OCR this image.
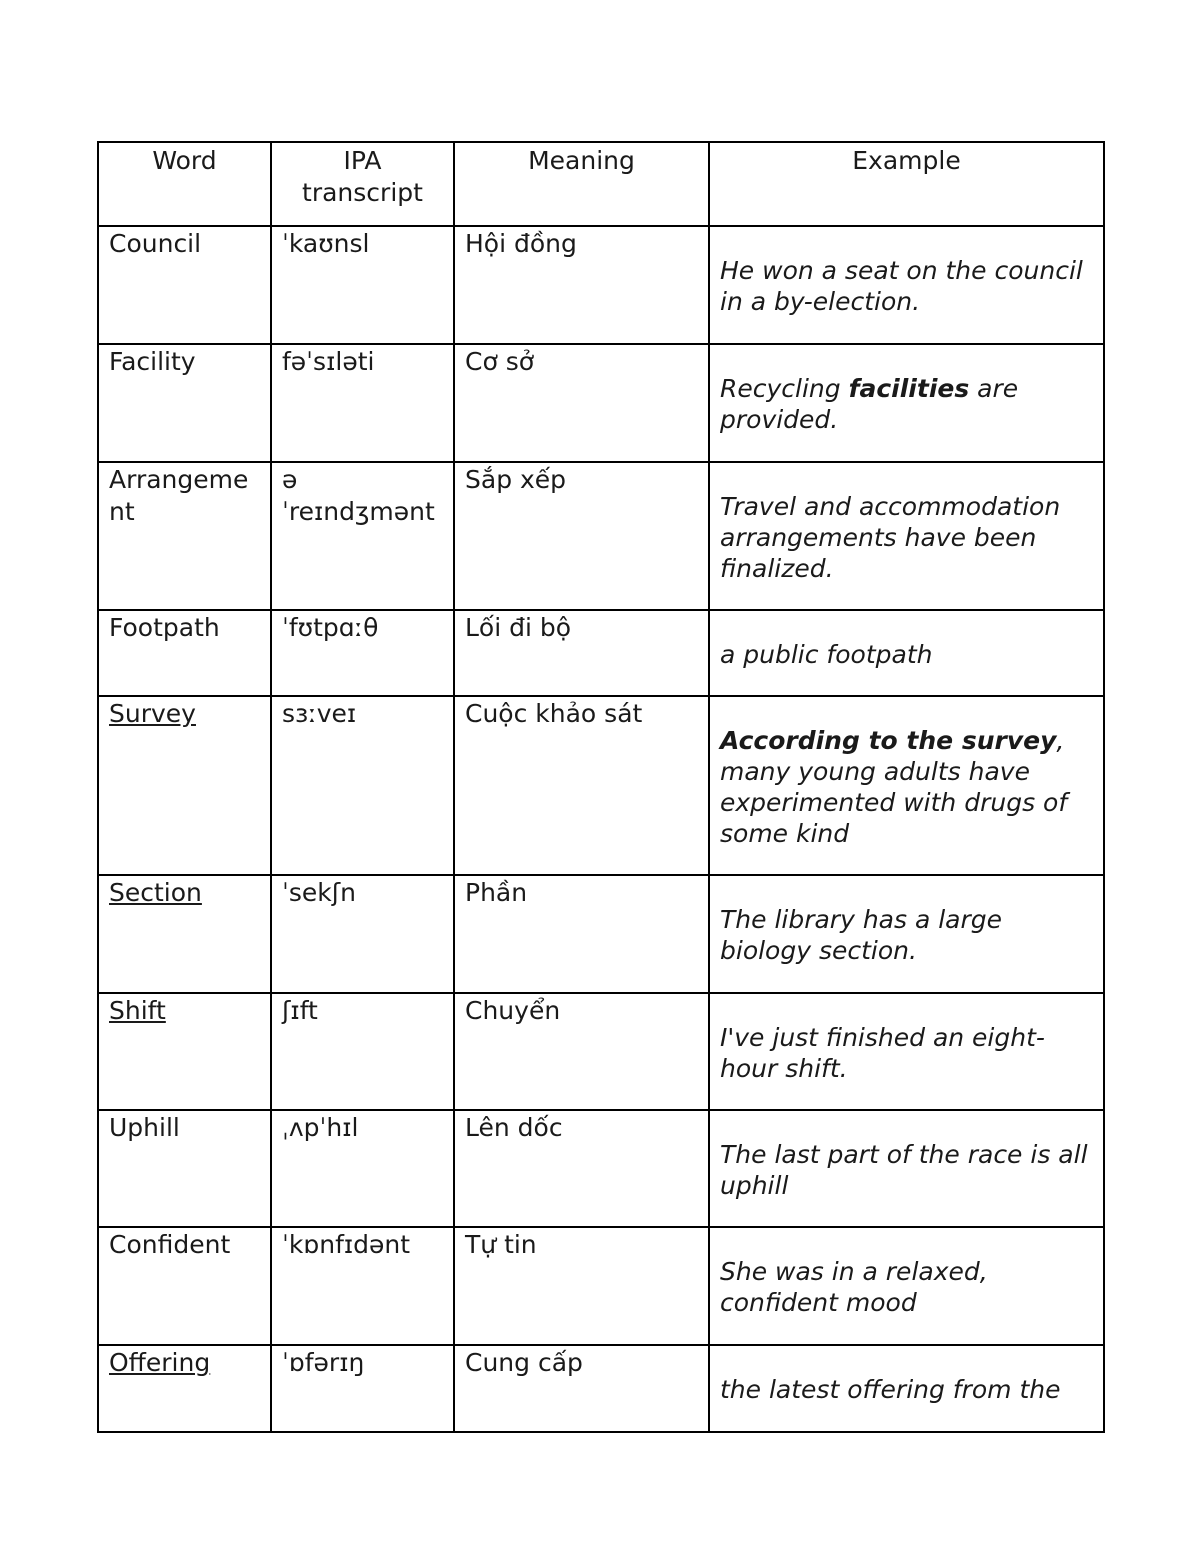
Word	IPA transcript	Meaning	Example
Council	ˈkaʊnsl	Hội đồng	He won a seat on the council in a by-election.
Facility	fəˈsɪləti	Cơ sở	Recycling facilities are provided.
Arrangement	ə ˈreɪndʒmənt	Sắp xếp	Travel and accommodation arrangements have been finalized.
Footpath	ˈfʊtpɑːθ	Lối đi bộ	a public footpath
Survey	sɜːveɪ	Cuộc khảo sát	According to the survey, many young adults have experimented with drugs of some kind
Section	ˈsekʃn	Phần	The library has a large biology section.
Shift	ʃɪft	Chuyển	I've just finished an eight-hour shift.
Uphill	ˌʌpˈhɪl	Lên dốc	The last part of the race is all uphill
Confident	ˈkɒnfɪdənt	Tự tin	She was in a relaxed, confident mood
Offering	ˈɒfərɪŋ	Cung cấp	the latest offering from the
